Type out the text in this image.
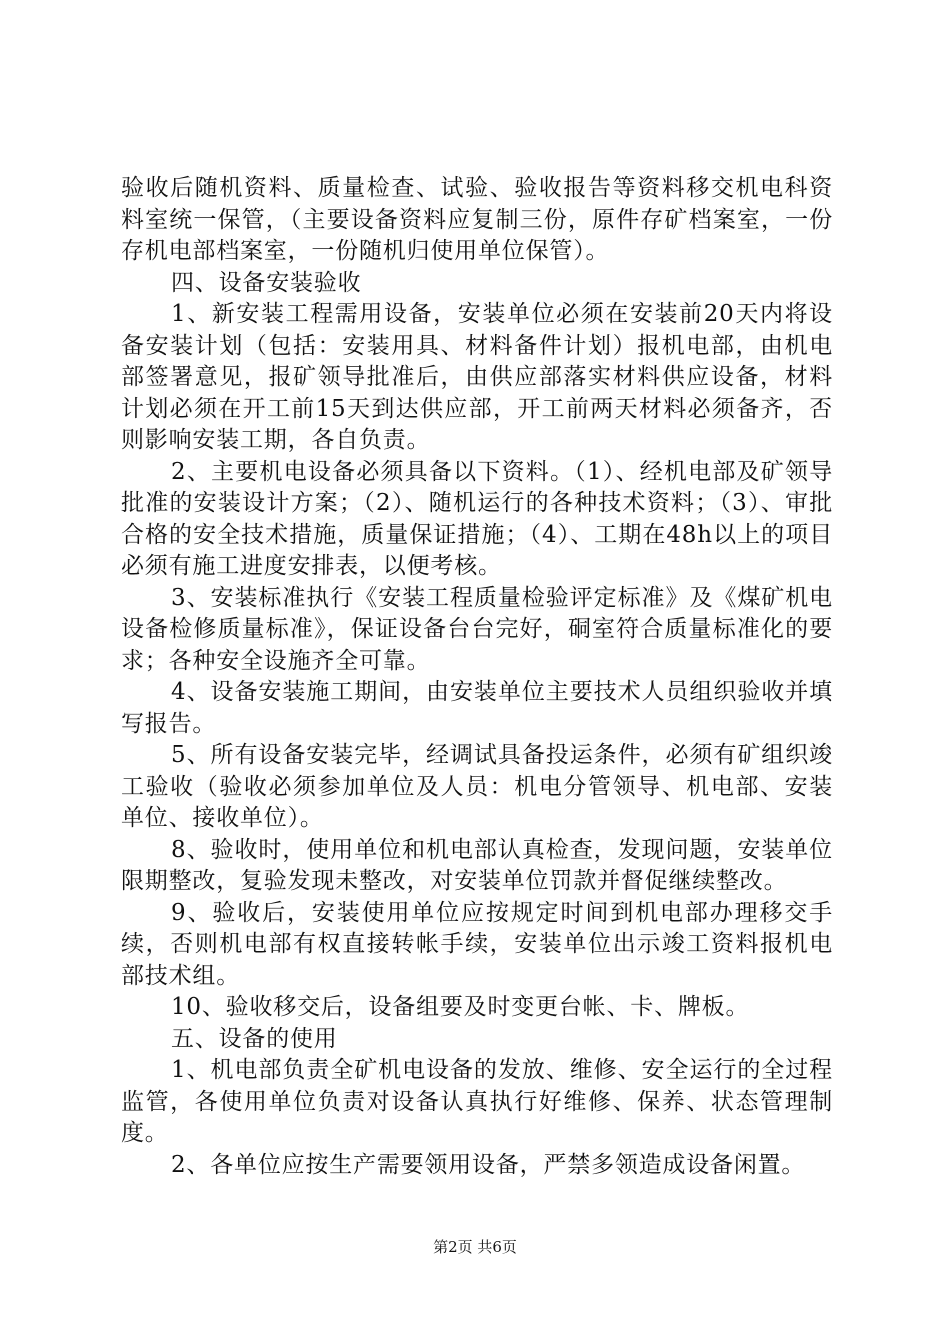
验收后随机资料、质量检查、试验、验收报告等资料移交机电科资料室统一保管，（主要设备资料应复制三份，原件存矿档案室，一份存机电部档案室，一份随机归使用单位保管）。

四、设备安装验收

1、新安装工程需用设备，安装单位必须在安装前20天内将设备安装计划（包括：安装用具、材料备件计划）报机电部，由机电部签署意见，报矿领导批准后，由供应部落实材料供应设备，材料计划必须在开工前15天到达供应部，开工前两天材料必须备齐，否则影响安装工期，各自负责。

2、主要机电设备必须具备以下资料。（1）、经机电部及矿领导批准的安装设计方案；（2）、随机运行的各种技术资料；（3）、审批合格的安全技术措施，质量保证措施；（4）、工期在48h以上的项目必须有施工进度安排表，以便考核。

3、安装标准执行《安装工程质量检验评定标准》及《煤矿机电设备检修质量标准》，保证设备台台完好，硐室符合质量标准化的要求；各种安全设施齐全可靠。

4、设备安装施工期间，由安装单位主要技术人员组织验收并填写报告。

5、所有设备安装完毕，经调试具备投运条件，必须有矿组织竣工验收（验收必须参加单位及人员：机电分管领导、机电部、安装单位、接收单位）。

8、验收时，使用单位和机电部认真检查，发现问题，安装单位限期整改，复验发现未整改，对安装单位罚款并督促继续整改。

9、验收后，安装使用单位应按规定时间到机电部办理移交手续，否则机电部有权直接转帐手续，安装单位出示竣工资料报机电部技术组。

10、验收移交后，设备组要及时变更台帐、卡、牌板。

五、设备的使用

1、机电部负责全矿机电设备的发放、维修、安全运行的全过程监管，各使用单位负责对设备认真执行好维修、保养、状态管理制度。

2、各单位应按生产需要领用设备，严禁多领造成设备闲置。

第2页 共6页
